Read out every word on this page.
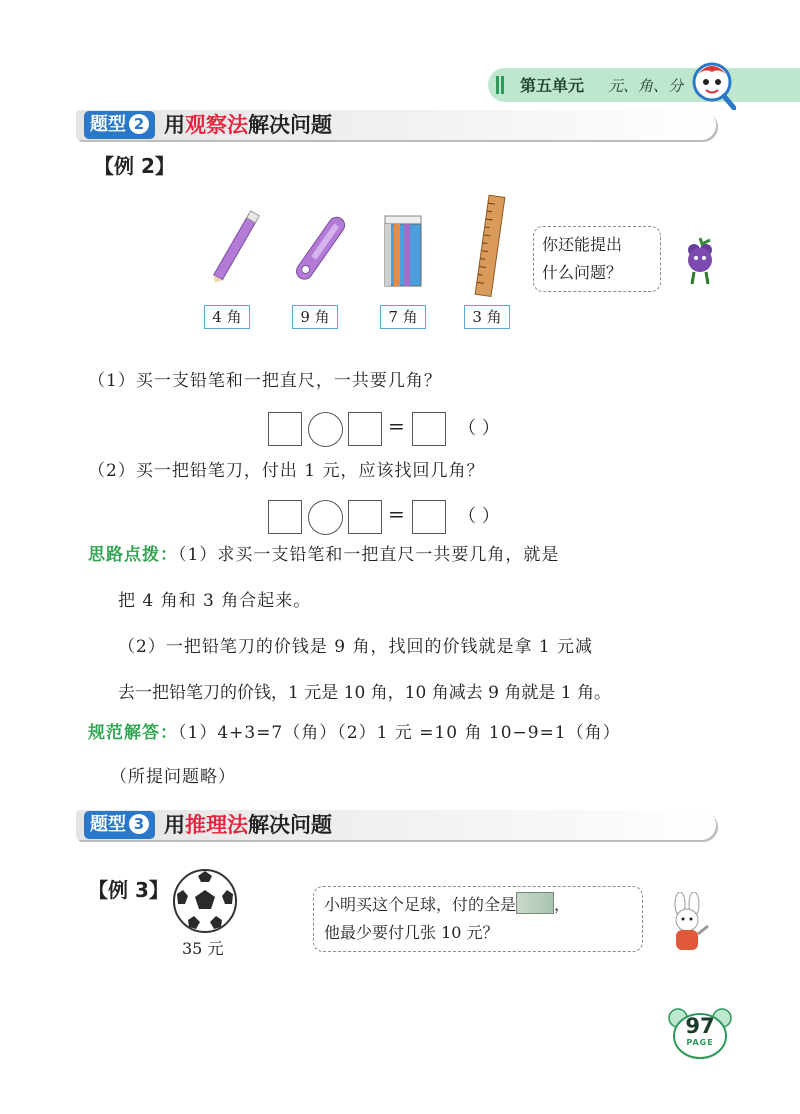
第五单元 元、角、分
题型 2 用观察法解决问题
【例 2】
4 角	9 角	7 角	3 角
你还能提出
什么问题？
（1）买一支铅笔和一把直尺，一共要几角？
=	（ ）
（2）买一把铅笔刀，付出 1 元，应该找回几角？
=	（ ）
思路点拨：（1）求买一支铅笔和一把直尺一共要几角，就是
把 4 角和 3 角合起来。
（2）一把铅笔刀的价钱是 9 角，找回的价钱就是拿 1 元减
去一把铅笔刀的价钱，1 元是 10 角，10 角减去 9 角就是 1 角。
规范解答：（1）4+3=7（角）（2）1 元 =10 角 10−9=1（角）
（所提问题略）
题型 3 用推理法解决问题
【例 3】
35 元
小明买这个足球，付的全是 ，
他最少要付几张 10 元？
97
PAGE
